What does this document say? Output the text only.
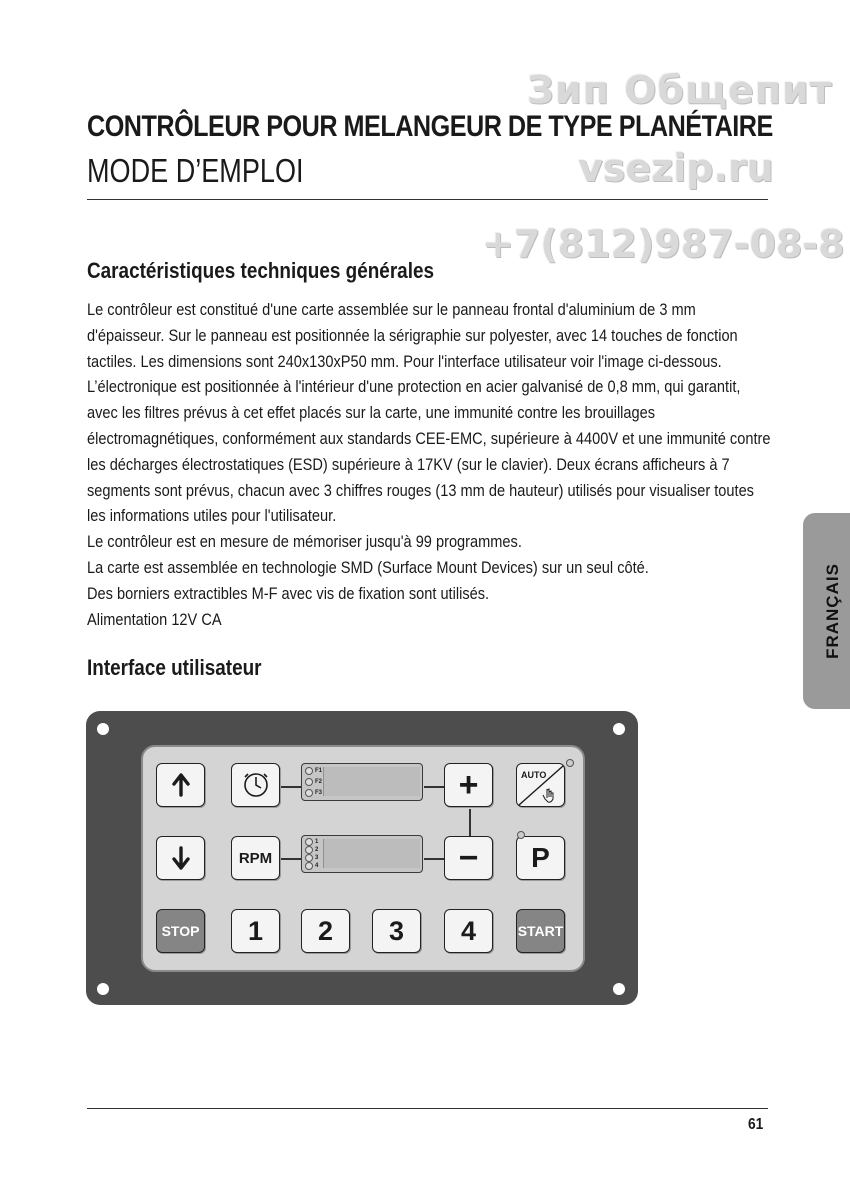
Зип Общепит
vsezip.ru
+7(812)987-08-8
CONTRÔLEUR POUR MELANGEUR DE TYPE PLANÉTAIRE
MODE D’EMPLOI
Caractéristiques techniques générales

Le contrôleur est constitué d'une carte assemblée sur le panneau frontal d'aluminium de 3 mm d'épaisseur. Sur le panneau est positionnée la sérigraphie sur polyester, avec 14 touches de fonction tactiles. Les dimensions sont 240x130xP50 mm. Pour l'interface utilisateur voir l'image ci-dessous. L’électronique est positionnée à l'intérieur d'une protection en acier galvanisé de 0,8 mm, qui garantit, avec les filtres prévus à cet effet placés sur la carte, une immunité contre les brouillages électromagnétiques, conformément aux standards CEE-EMC, supérieure à 4400V et une immunité contre les décharges électrostatiques (ESD) supérieure à 17KV (sur le clavier). Deux écrans afficheurs à 7 segments sont prévus, chacun avec 3 chiffres rouges (13 mm de hauteur) utilisés pour visualiser toutes les informations utiles pour l'utilisateur.

Le contrôleur est en mesure de mémoriser jusqu'à 99 programmes.

La carte est assemblée en technologie SMD (Surface Mount Devices) sur un seul côté.

Des borniers extractibles M-F avec vis de fixation sont utilisés.

Alimentation 12V CA

Interface utilisateur
FRANÇAIS
F1
F2
F3	+	AUTO
RPM
1
2
3
4	− P
STOP 1 2 3 4	START
61
